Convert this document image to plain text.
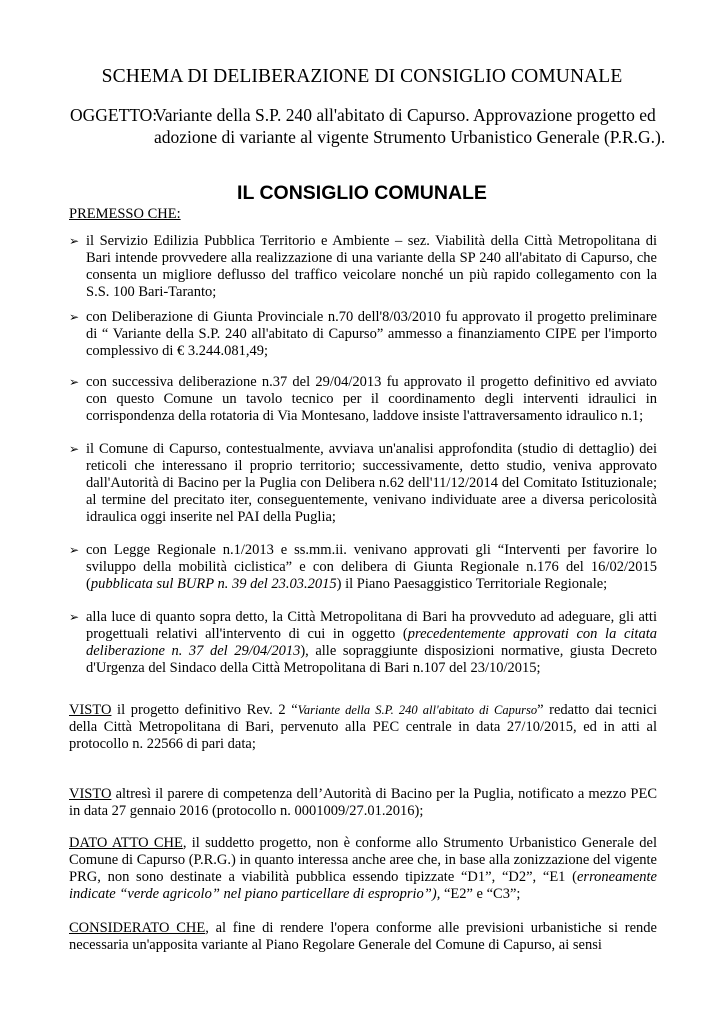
SCHEMA DI DELIBERAZIONE DI CONSIGLIO COMUNALE
OGGETTO:Variante della S.P. 240 all'abitato di Capurso. Approvazione progetto ed
adozione di variante al vigente Strumento Urbanistico Generale (P.R.G.).
IL CONSIGLIO COMUNALE
PREMESSO CHE:
➢ il Servizio Edilizia Pubblica Territorio e Ambiente – sez. Viabilità della Città Metropolitana di Bari intende provvedere alla realizzazione di una variante della SP 240 all'abitato di Capurso, che consenta un migliore deflusso del traffico veicolare nonché un più rapido collegamento con la S.S. 100 Bari-Taranto;
➢ con Deliberazione di Giunta Provinciale n.70 dell'8/03/2010 fu approvato il progetto preliminare di “ Variante della S.P. 240 all'abitato di Capurso” ammesso a finanziamento CIPE per l'importo complessivo di € 3.244.081,49;
➢ con successiva deliberazione n.37 del 29/04/2013 fu approvato il progetto definitivo ed avviato con questo Comune un tavolo tecnico per il coordinamento degli interventi idraulici in corrispondenza della rotatoria di Via Montesano, laddove insiste l'attraversamento idraulico n.1;
➢ il Comune di Capurso, contestualmente, avviava un'analisi approfondita (studio di dettaglio) dei reticoli che interessano il proprio territorio; successivamente, detto studio, veniva approvato dall'Autorità di Bacino per la Puglia con Delibera n.62 dell'11/12/2014 del Comitato Istituzionale; al termine del precitato iter, conseguentemente, venivano individuate aree a diversa pericolosità idraulica oggi inserite nel PAI della Puglia;
➢ con Legge Regionale n.1/2013 e ss.mm.ii. venivano approvati gli “Interventi per favorire lo sviluppo della mobilità ciclistica” e con delibera di Giunta Regionale n.176 del 16/02/2015 (pubblicata sul BURP n. 39 del 23.03.2015) il Piano Paesaggistico Territoriale Regionale;
➢ alla luce di quanto sopra detto, la Città Metropolitana di Bari ha provveduto ad adeguare, gli atti progettuali relativi all'intervento di cui in oggetto (precedentemente approvati con la citata deliberazione n. 37 del 29/04/2013), alle sopraggiunte disposizioni normative, giusta Decreto d'Urgenza del Sindaco della Città Metropolitana di Bari n.107 del 23/10/2015;
VISTO il progetto definitivo Rev. 2 “Variante della S.P. 240 all'abitato di Capurso” redatto dai tecnici della Città Metropolitana di Bari, pervenuto alla PEC centrale in data 27/10/2015, ed in atti al protocollo n. 22566 di pari data;
VISTO altresì il parere di competenza dell’Autorità di Bacino per la Puglia, notificato a mezzo PEC in data 27 gennaio 2016 (protocollo n. 0001009/27.01.2016);
DATO ATTO CHE, il suddetto progetto, non è conforme allo Strumento Urbanistico Generale del Comune di Capurso (P.R.G.) in quanto interessa anche aree che, in base alla zonizzazione del vigente PRG, non sono destinate a viabilità pubblica essendo tipizzate “D1”, “D2”, “E1 (erroneamente indicate “verde agricolo” nel piano particellare di esproprio”), “E2” e “C3”;
CONSIDERATO CHE, al fine di rendere l'opera conforme alle previsioni urbanistiche si rende necessaria un'apposita variante al Piano Regolare Generale del Comune di Capurso, ai sensi
